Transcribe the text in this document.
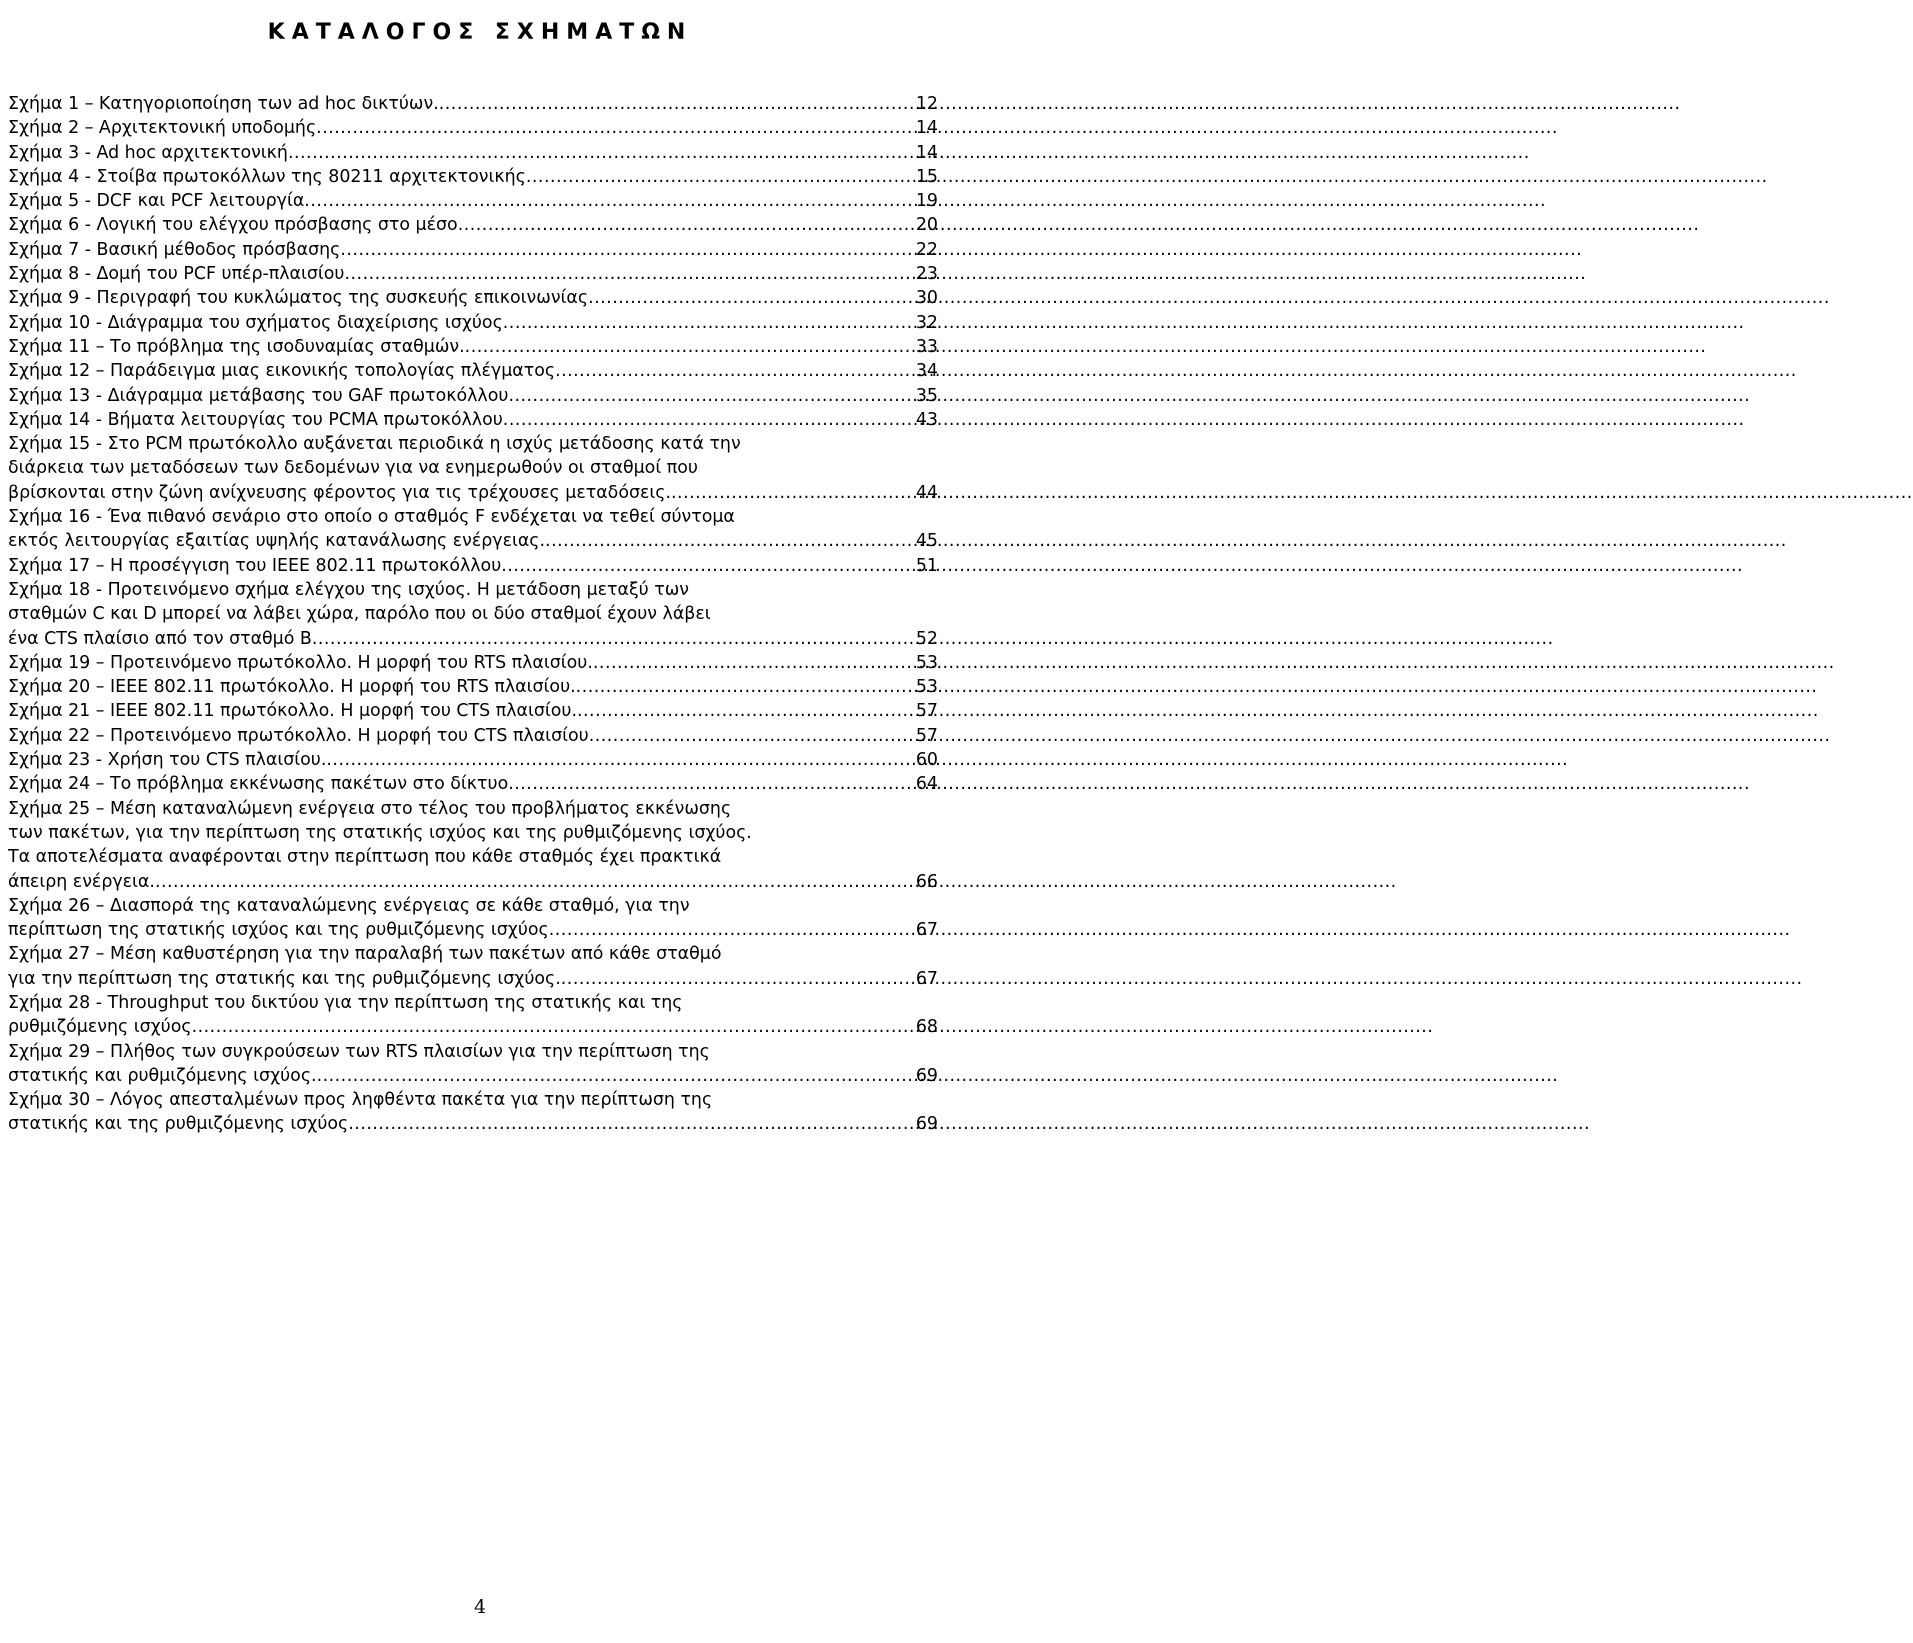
ΚΑΤΑΛΟΓΟΣ ΣΧΗΜΑΤΩΝ
Σχήμα 1 – Κατηγοριοποίηση των ad hoc δικτύων. .....	12
Σχήμα 2 – Αρχιτεκτονική υποδομής .....	14
Σχήμα 3 - Ad hoc αρχιτεκτονική .....	14
Σχήμα 4 - Στοίβα πρωτοκόλλων της 80211 αρχιτεκτονικής .....	15
Σχήμα 5 - DCF και PCF λειτουργία .....	19
Σχήμα 6 - Λογική του ελέγχου πρόσβασης στο μέσο .....	20
Σχήμα 7 - Βασική μέθοδος πρόσβασης .....	22
Σχήμα 8 - Δομή του PCF υπέρ-πλαισίου .....	23
Σχήμα 9 - Περιγραφή του κυκλώματος της συσκευής επικοινωνίας .....	30
Σχήμα 10 - Διάγραμμα του σχήματος διαχείρισης ισχύος .....	32
Σχήμα 11 – Το πρόβλημα της ισοδυναμίας σταθμών. .....	33
Σχήμα 12 – Παράδειγμα μιας εικονικής τοπολογίας πλέγματος .....	34
Σχήμα 13 - Διάγραμμα μετάβασης του GAF πρωτοκόλλου .....	35
Σχήμα 14 - Βήματα λειτουργίας του PCMA πρωτοκόλλου .....	43
Σχήμα 15 - Στο PCM πρωτόκολλο αυξάνεται περιοδικά η ισχύς μετάδοσης κατά την
διάρκεια των μεταδόσεων των δεδομένων για να ενημερωθούν οι σταθμοί που
βρίσκονται στην ζώνη ανίχνευσης φέροντος για τις τρέχουσες μεταδόσεις. .....	44
Σχήμα 16 - Ένα πιθανό σενάριο στο οποίο ο σταθμός F ενδέχεται να τεθεί σύντομα
εκτός λειτουργίας εξαιτίας υψηλής κατανάλωσης ενέργειας. .....	45
Σχήμα 17 – Η προσέγγιση του IEEE 802.11 πρωτοκόλλου .....	51
Σχήμα 18 - Προτεινόμενο σχήμα ελέγχου της ισχύος. Η μετάδοση μεταξύ των
σταθμών C και D μπορεί να λάβει χώρα, παρόλο που οι δύο σταθμοί έχουν λάβει
ένα CTS πλαίσιο από τον σταθμό B .....	52
Σχήμα 19 – Προτεινόμενο πρωτόκολλο. Η μορφή του RTS πλαισίου. .....	53
Σχήμα 20 – IEEE 802.11 πρωτόκολλο. Η μορφή του RTS πλαισίου. .....	53
Σχήμα 21 – IEEE 802.11 πρωτόκολλο. Η μορφή του CTS πλαισίου. .....	57
Σχήμα 22 – Προτεινόμενο πρωτόκολλο. Η μορφή του CTS πλαισίου .....	57
Σχήμα 23 - Χρήση του CTS πλαισίου. .....	60
Σχήμα 24 – Το πρόβλημα εκκένωσης πακέτων στο δίκτυο .....	64
Σχήμα 25 – Μέση καταναλώμενη ενέργεια στο τέλος του προβλήματος εκκένωσης
των πακέτων, για την περίπτωση της στατικής ισχύος και της ρυθμιζόμενης ισχύος.
Τα αποτελέσματα αναφέρονται στην περίπτωση που κάθε σταθμός έχει πρακτικά
άπειρη ενέργεια. .....	66
Σχήμα 26 – Διασπορά της καταναλώμενης ενέργειας σε κάθε σταθμό, για την
περίπτωση της στατικής ισχύος και της ρυθμιζόμενης ισχύος .....	67
Σχήμα 27 – Μέση καθυστέρηση για την παραλαβή των πακέτων από κάθε σταθμό
για την περίπτωση της στατικής και της ρυθμιζόμενης ισχύος. .....	67
Σχήμα 28 - Throughput του δικτύου για την περίπτωση της στατικής και της
ρυθμιζόμενης ισχύος .....	68
Σχήμα 29 – Πλήθος των συγκρούσεων των RTS πλαισίων για την περίπτωση της
στατικής και ρυθμιζόμενης ισχύος. .....	69
Σχήμα 30 – Λόγος απεσταλμένων προς ληφθέντα πακέτα για την περίπτωση της
στατικής και της ρυθμιζόμενης ισχύος .....	69
4
